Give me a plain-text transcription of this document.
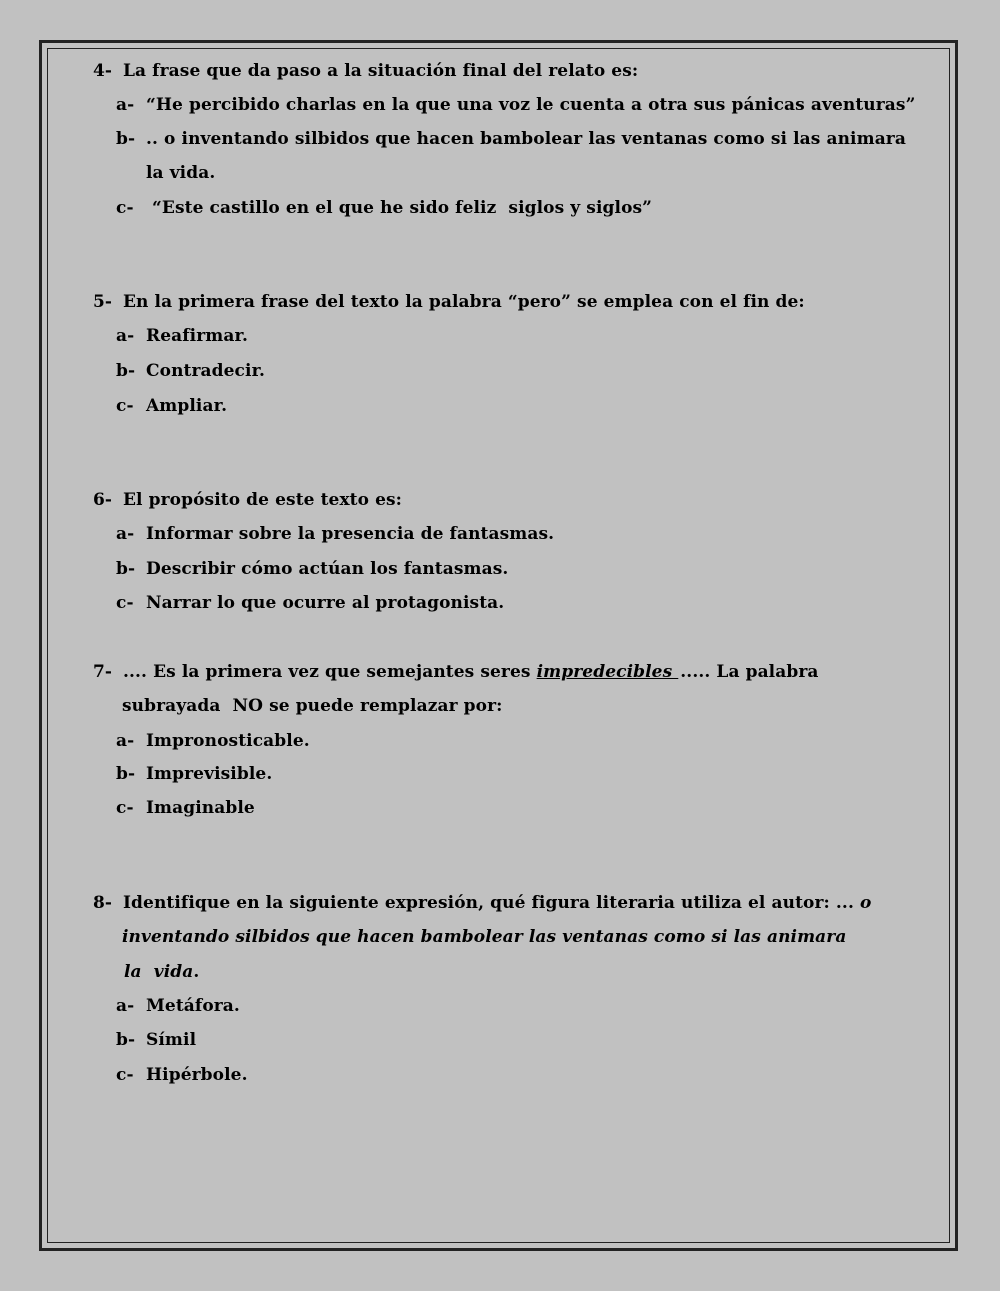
4- La frase que da paso a la situación final del relato es:
a- “He percibido charlas en la que una voz le cuenta a otra sus pánicas aventuras”
b- .. o inventando silbidos que hacen bambolear las ventanas como si las animara
la vida.
c- “Este castillo en el que he sido feliz  siglos y siglos”
5- En la primera frase del texto la palabra “pero” se emplea con el fin de:
a- Reafirmar.
b- Contradecir.
c- Ampliar.
6- El propósito de este texto es:
a- Informar sobre la presencia de fantasmas.
b- Describir cómo actúan los fantasmas.
c- Narrar lo que ocurre al protagonista.
7- .... Es la primera vez que semejantes seres impredecibles ..... La palabra
subrayada  NO se puede remplazar por:
a- Impronosticable.
b- Imprevisible.
c- Imaginable
8- Identifique en la siguiente expresión, qué figura literaria utiliza el autor: ... o
inventando silbidos que hacen bambolear las ventanas como si las animara
la  vida.
a- Metáfora.
b- Símil
c- Hipérbole.
